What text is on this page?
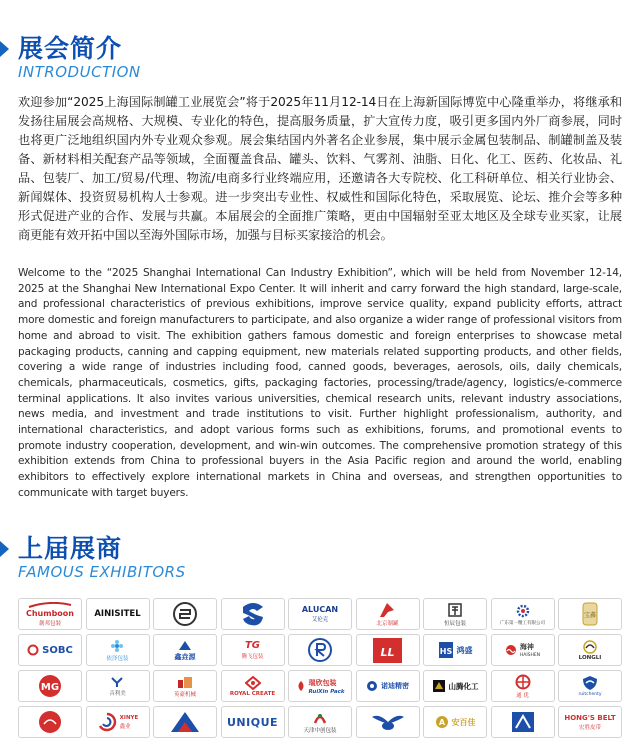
展会简介
INTRODUCTION

欢迎参加“2025上海国际制罐工业展览会”将于2025年11月12-14日在上海新国际博览中心隆重举办，将继承和发扬往届展会高规格、大规模、专业化的特色，提高服务质量，扩大宣传力度，吸引更多国内外厂商参展，同时也将更广泛地组织国内外专业观众参观。展会集结国内外著名企业参展，集中展示金属包装制品、制罐制盖及装备、新材料相关配套产品等领域，全面覆盖食品、罐头、饮料、气雾剂、油脂、日化、化工、医药、化妆品、礼品、包装厂、加工/贸易/代理、物流/电商多行业终端应用，还邀请各大专院校、化工科研单位、相关行业协会、新闻媒体、投资贸易机构人士参观。进一步突出专业性、权威性和国际化特色，采取展览、论坛、推介会等多种形式促进产业的合作、发展与共赢。本届展会的全面推广策略，更由中国辐射至亚太地区及全球专业买家，让展商更能有效开拓中国以至海外国际市场，加强与目标买家接洽的机会。

Welcome to the “2025 Shanghai International Can Industry Exhibition”, which will be held from November 12-14, 2025 at the Shanghai New International Expo Center. It will inherit and carry forward the high standard, large-scale, and professional characteristics of previous exhibitions, improve service quality, expand publicity efforts, attract more domestic and foreign manufacturers to participate, and also organize a wider range of professional visitors from home and abroad to visit. The exhibition gathers famous domestic and foreign enterprises to showcase metal packaging products, canning and capping equipment, new materials related supporting products, and other fields, covering a wide range of industries including food, canned goods, beverages, aerosols, oils, daily chemicals, chemicals, pharmaceuticals, cosmetics, gifts, packaging factories, processing/trade/agency, logistics/e-commerce terminal applications. It also invites various universities, chemical research units, relevant industry associations, news media, and investment and trade institutions to visit. Further highlight professionalism, authority, and international characteristics, and adopt various forms such as exhibitions, forums, and promotional events to promote industry cooperation, development, and win-win outcomes. The comprehensive promotion strategy of this exhibition extends from China to professional buyers in the Asia Pacific region and around the world, enabling exhibitors to effectively explore international markets in China and overseas, and strengthen opportunities to communicate with target buyers.

上届展商
FAMOUS EXHIBITORS
Chumboon
創邦包裝
AINISITEL	ALUCAN
艾伦克
北京制罐	恒辰包装	广东第一精工有限公司
宝鑫
SOBC
依泽包装	鑫垚源
TG
腾飞包装	LL	HS 鸿盛	海神
HAISHEN	LONGLI
MG
音利美	英豪机械	ROYAL CREATE
瑞欣包装
RuiXin Pack
诺迪精密	山腾化工
通 优	ruitchenty
XINYE
鑫业	UNIQUE
天津中创包装
A 安百佳	HONG'S BELT
宏胜皮带
